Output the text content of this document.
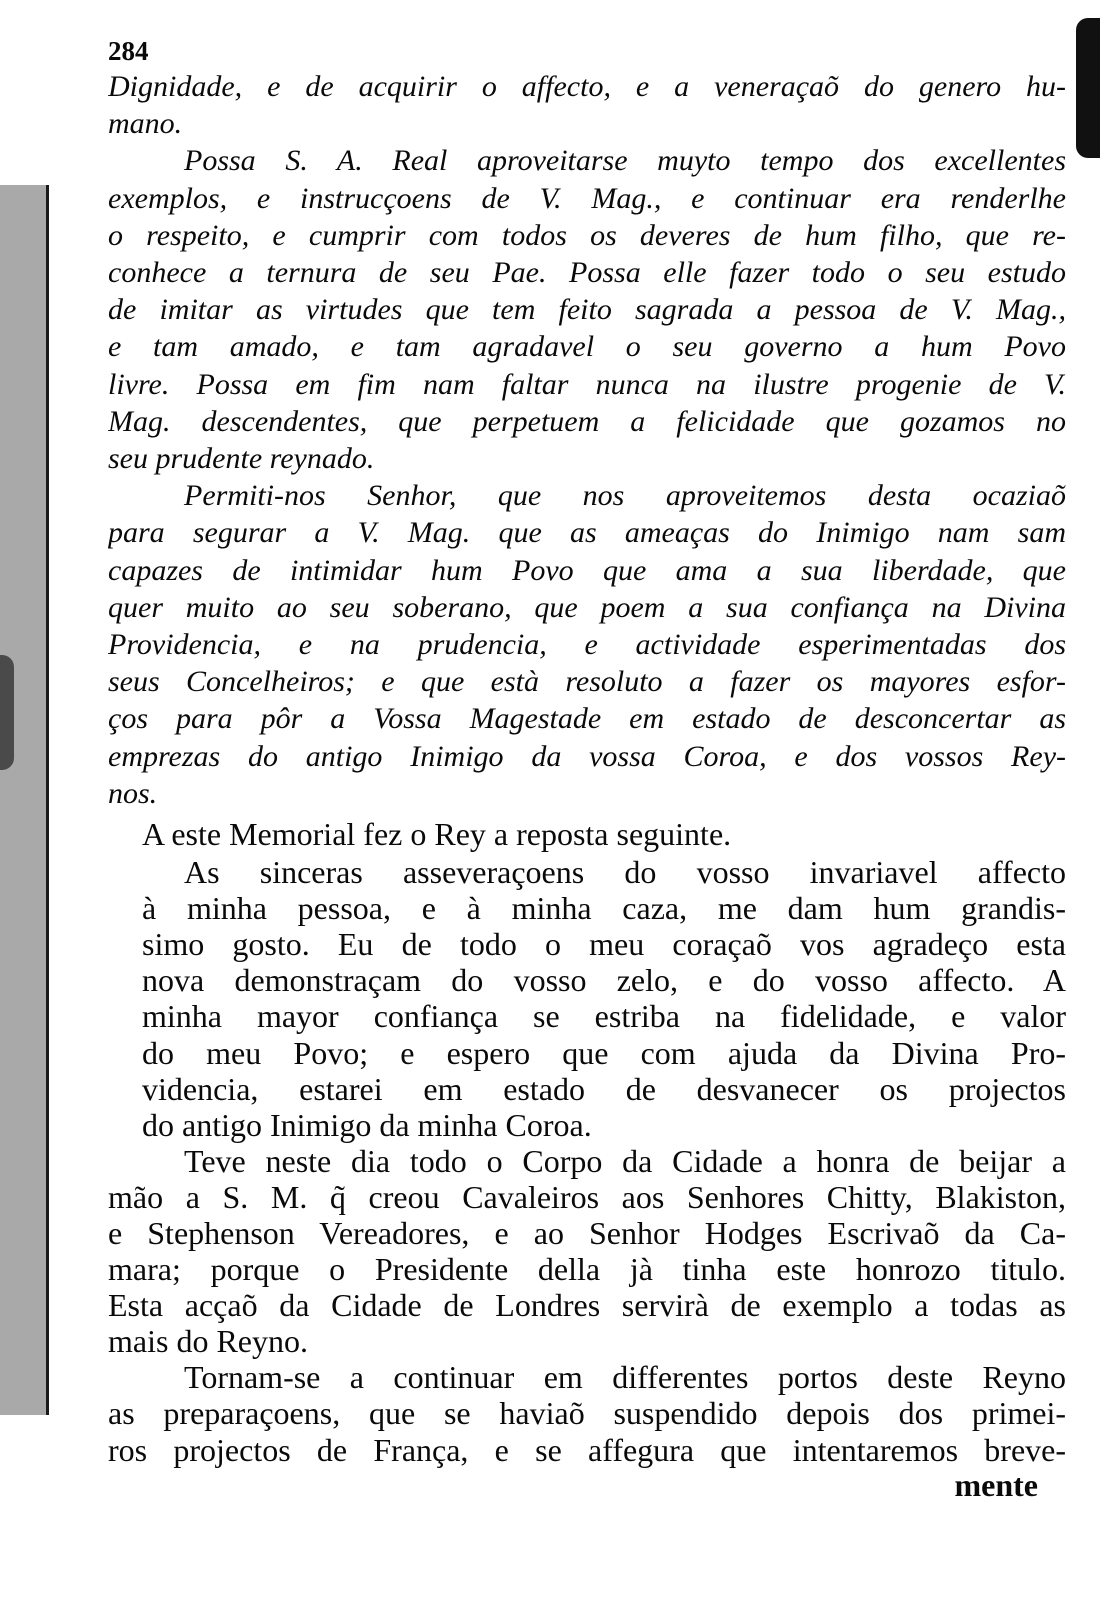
284
Dignidade, e de acquirir o affecto, e a veneraçaõ do genero hu-
mano.
Possa S. A. Real aproveitarse muyto tempo dos excellentes
exemplos, e instrucçoens de V. Mag., e continuar era renderlhe
o respeito, e cumprir com todos os deveres de hum filho, que re-
conhece a ternura de seu Pae. Possa elle fazer todo o seu estudo
de imitar as virtudes que tem feito sagrada a pessoa de V. Mag.,
e tam amado, e tam agradavel o seu governo a hum Povo
livre. Possa em fim nam faltar nunca na ilustre progenie de V.
Mag. descendentes, que perpetuem a felicidade que gozamos no
seu prudente reynado.
Permiti-nos Senhor, que nos aproveitemos desta ocaziaõ
para segurar a V. Mag. que as ameaças do Inimigo nam sam
capazes de intimidar hum Povo que ama a sua liberdade, que
quer muito ao seu soberano, que poem a sua confiança na Divina
Providencia, e na prudencia, e actividade esperimentadas dos
seus Concelheiros; e que està resoluto a fazer os mayores esfor-
ços para pôr a Vossa Magestade em estado de desconcertar as
emprezas do antigo Inimigo da vossa Coroa, e dos vossos Rey-
nos.
A este Memorial fez o Rey a reposta seguinte.
As sinceras asseveraçoens do vosso invariavel affecto
à minha pessoa, e à minha caza, me dam hum grandis-
simo gosto. Eu de todo o meu coraçaõ vos agradeço esta
nova demonstraçam do vosso zelo, e do vosso affecto. A
minha mayor confiança se estriba na fidelidade, e valor
do meu Povo; e espero que com ajuda da Divina Pro-
videncia, estarei em estado de desvanecer os projectos
do antigo Inimigo da minha Coroa.
Teve neste dia todo o Corpo da Cidade a honra de beijar a
mão a S. M. q̃ creou Cavaleiros aos Senhores Chitty, Blakiston,
e Stephenson Vereadores, e ao Senhor Hodges Escrivaõ da Ca-
mara; porque o Presidente della jà tinha este honrozo titulo.
Esta acçaõ da Cidade de Londres servirà de exemplo a todas as
mais do Reyno.
Tornam-se a continuar em differentes portos deste Reyno
as preparaçoens, que se haviaõ suspendido depois dos primei-
ros projectos de França, e se affegura que intentaremos breve-
mente
